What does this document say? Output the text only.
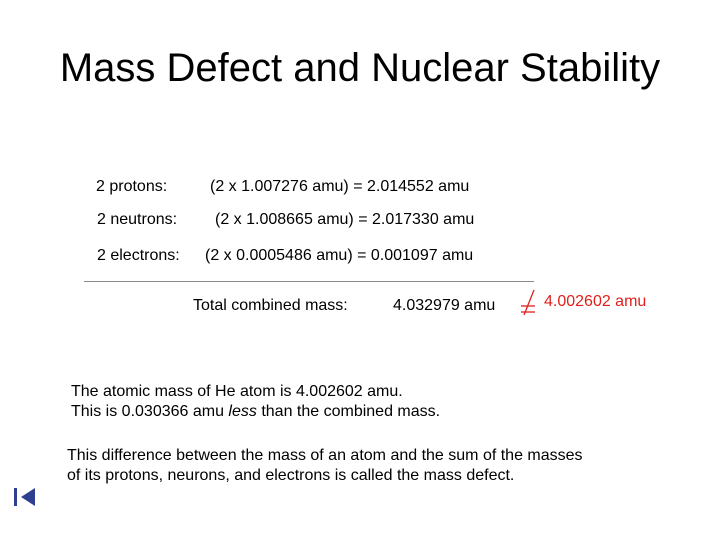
Mass Defect and Nuclear Stability
2 protons:	(2 x 1.007276 amu) = 2.014552 amu
2 neutrons: (2 x 1.008665 amu) = 2.017330 amu
2 electrons: (2 x 0.0005486 amu) = 0.001097 amu
Total combined mass:	4.032979 amu	4.002602 amu
The atomic mass of He atom is 4.002602 amu.
This is 0.030366 amu less than the combined mass.
This difference between the mass of an atom and the sum of the masses
of its protons, neurons, and electrons is called the mass defect.
